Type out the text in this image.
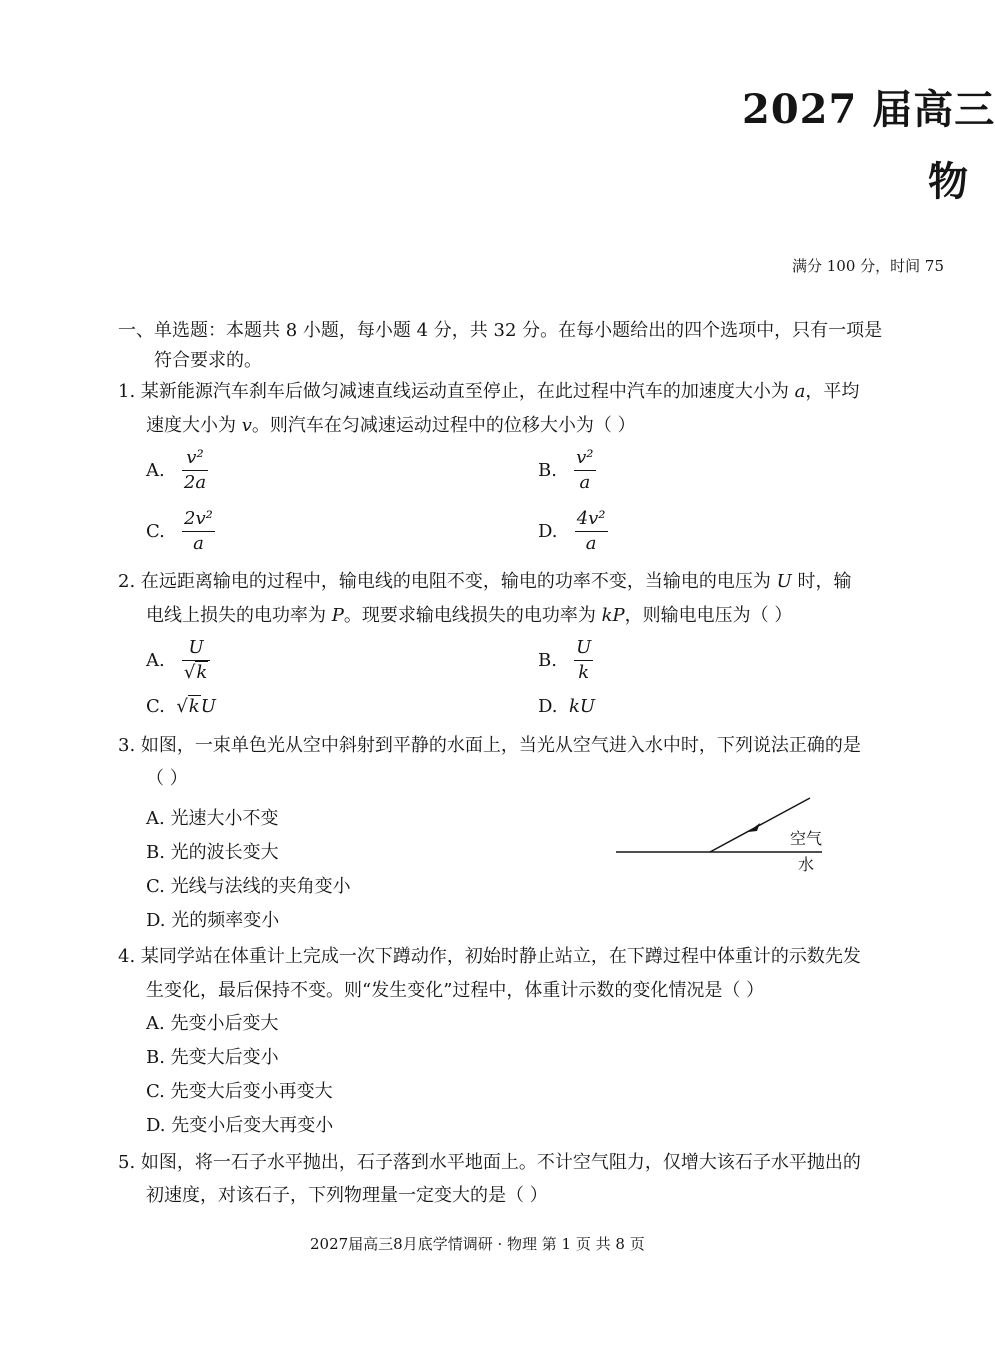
2027 届高三
物
满分 100 分，时间 75
一、单选题：本题共 8 小题，每小题 4 分，共 32 分。在每小题给出的四个选项中，只有一项是
符合要求的。
1. 某新能源汽车刹车后做匀减速直线运动直至停止，在此过程中汽车的加速度大小为 a，平均
速度大小为 v。则汽车在匀减速运动过程中的位移大小为（ ）
A. $\frac{\text{v²}}{2a}$	B. $\frac{\text{v²}}{a}$
C. $\frac{\text{2v²}}{a}$	D. $\frac{\text{4v²}}{a}$
2. 在远距离输电的过程中，输电线的电阻不变，输电的功率不变，当输电的电压为 U 时，输
电线上损失的电功率为 P。现要求输电线损失的电功率为 kP，则输电电压为（ ）
A. $\frac{U}{√k}$	B. $\frac{U}{k}$
C. √kU	D. kU
3. 如图，一束单色光从空中斜射到平静的水面上，当光从空气进入水中时，下列说法正确的是
（ ）
A. 光速大小不变
B. 光的波长变大
C. 光线与法线的夹角变小
D. 光的频率变小
空气
水
4. 某同学站在体重计上完成一次下蹲动作，初始时静止站立，在下蹲过程中体重计的示数先发
生变化，最后保持不变。则“发生变化”过程中，体重计示数的变化情况是（ ）
A. 先变小后变大
B. 先变大后变小
C. 先变大后变小再变大
D. 先变小后变大再变小
5. 如图，将一石子水平抛出，石子落到水平地面上。不计空气阻力，仅增大该石子水平抛出的
初速度，对该石子，下列物理量一定变大的是（ ）
2027届高三8月底学情调研 · 物理 第 1 页 共 8 页
